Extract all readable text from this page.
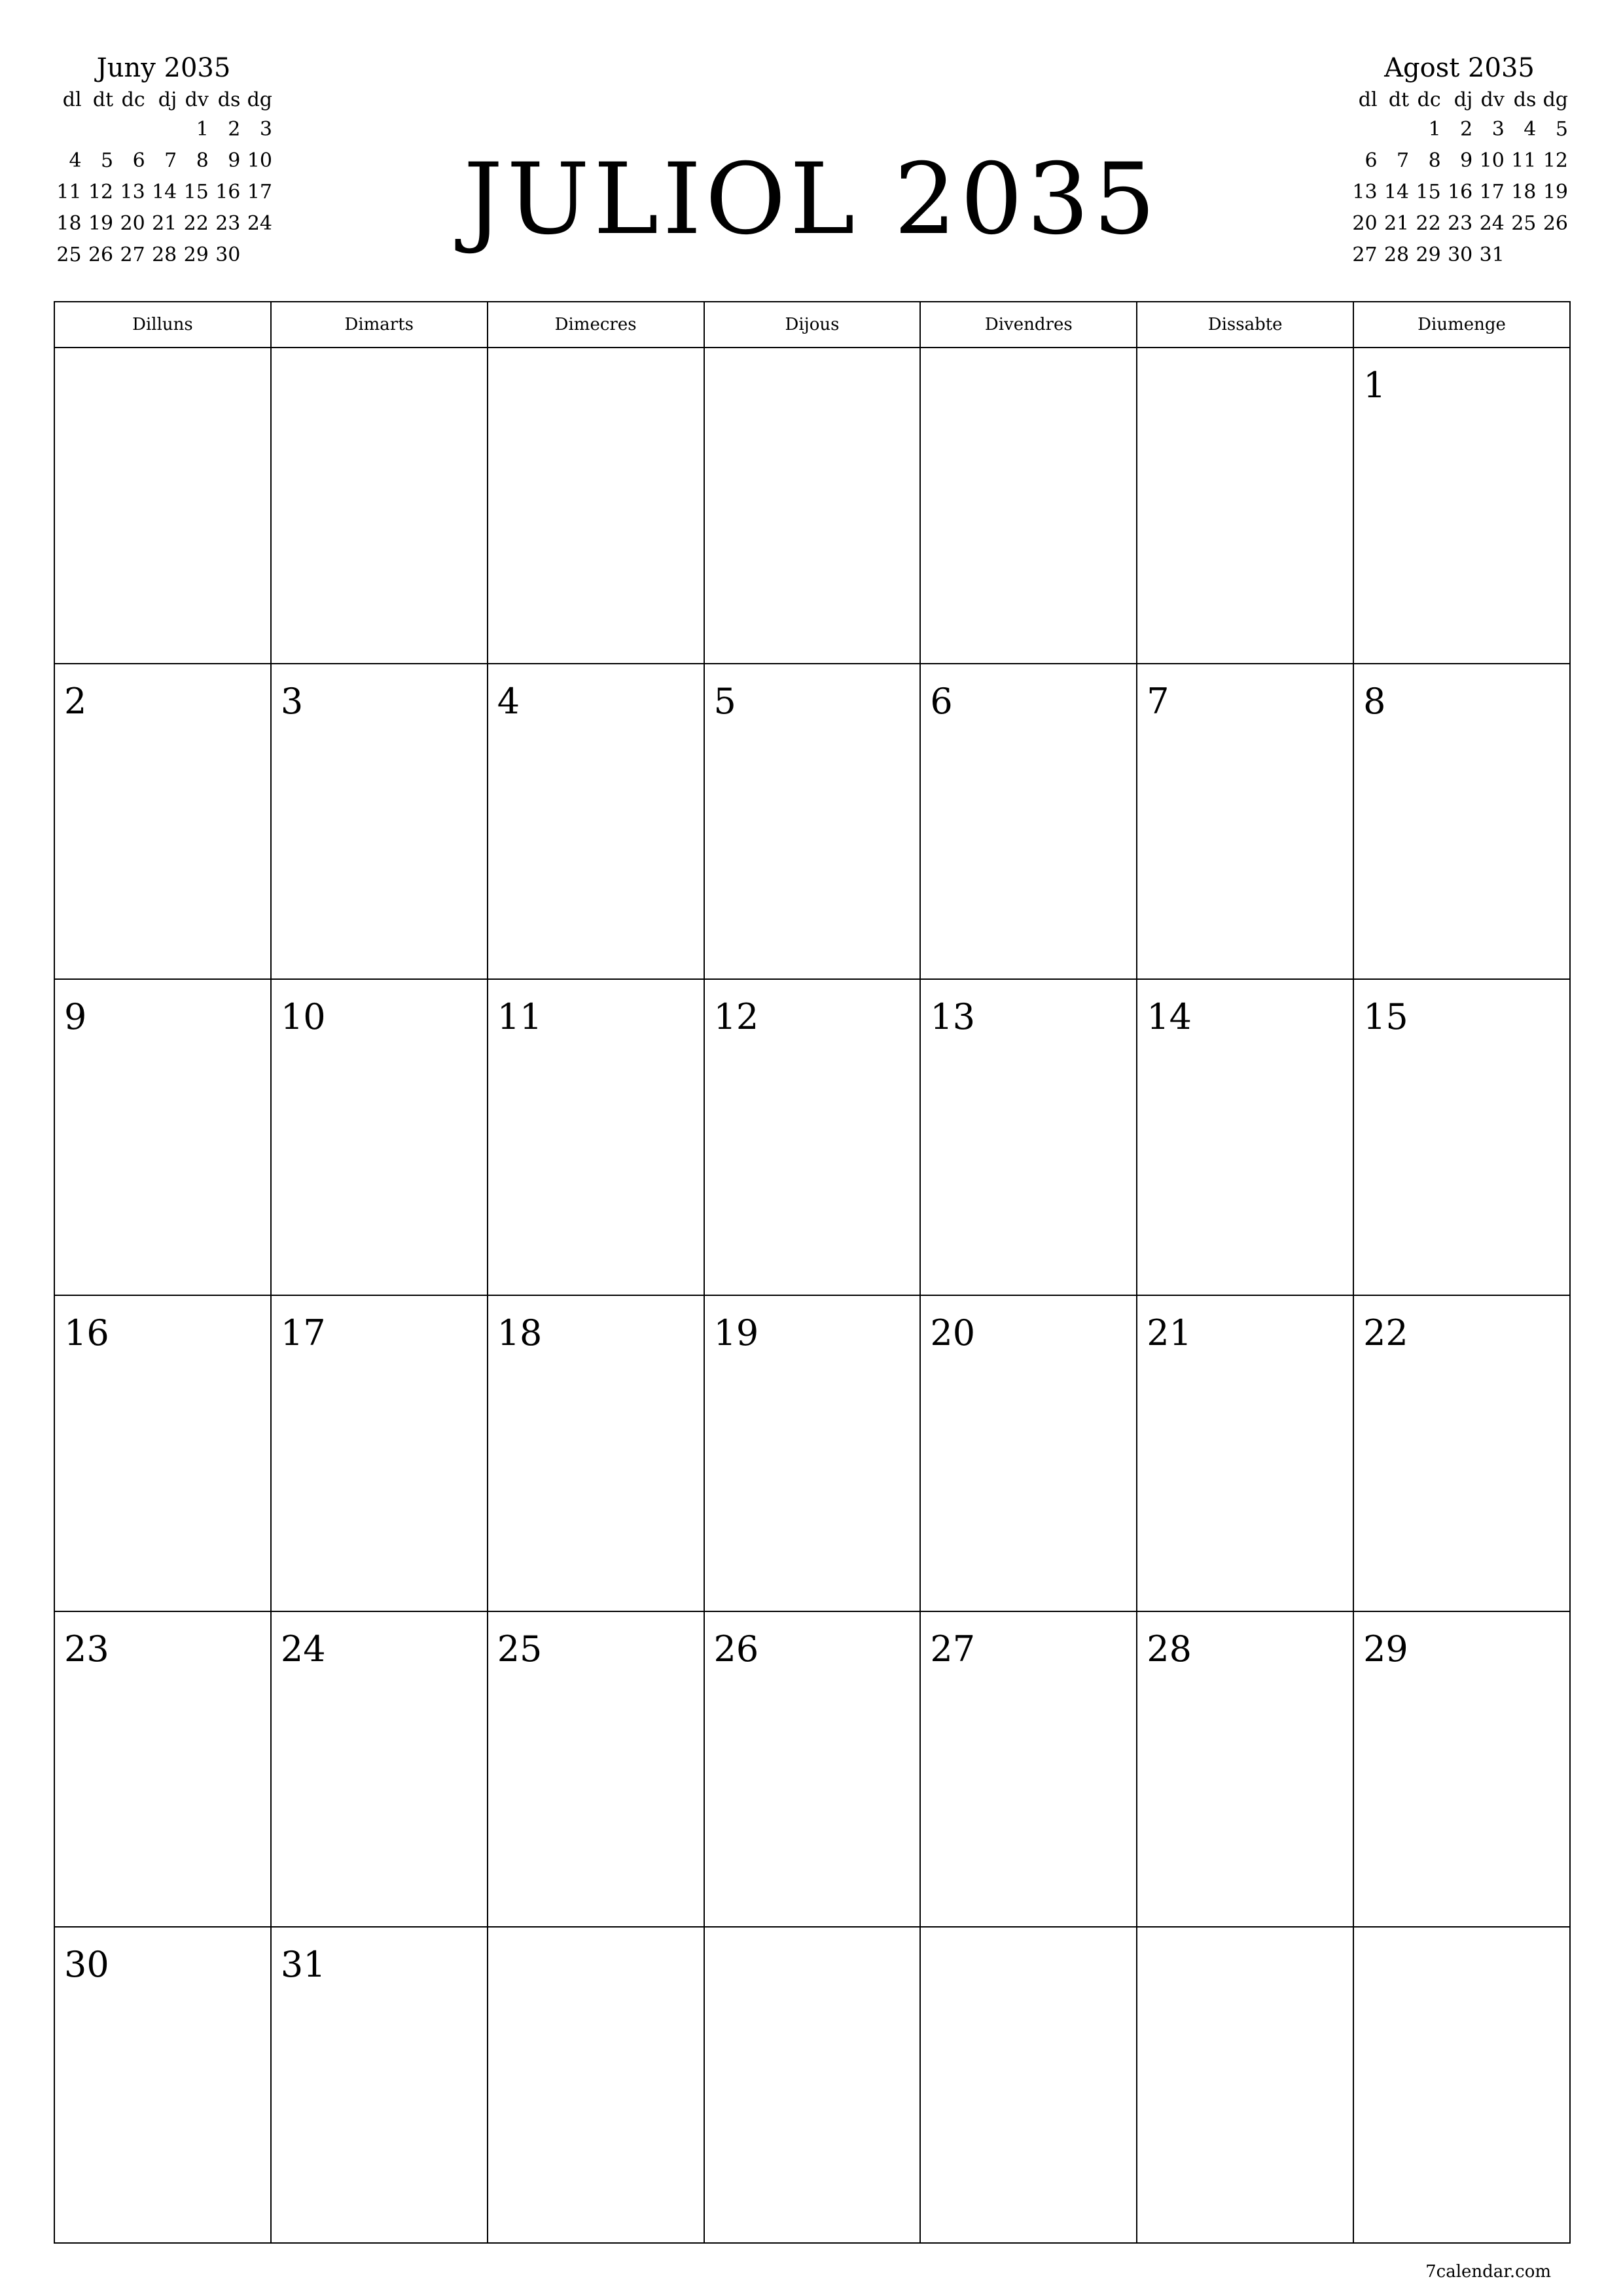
Juny 2035
dl	dt	dc	dj	dv	ds	dg
				1	2	3
4	5	6	7	8	9	10
11	12	13	14	15	16	17
18	19	20	21	22	23	24
25	26	27	28	29	30		JULIOL 2035
Agost 2035
dl	dt	dc	dj	dv	ds	dg
		1	2	3	4	5
6	7	8	9	10	11	12
13	14	15	16	17	18	19
20	21	22	23	24	25	26
27	28	29	30	31		
Dilluns	Dimarts	Dimecres	Dijous	Divendres	Dissabte	Diumenge

						1

2	3	4	5	6	7	8

9	10	11	12	13	14	15

16	17	18	19	20	21	22

23	24	25	26	27	28	29

30	31					

7calendar.com
